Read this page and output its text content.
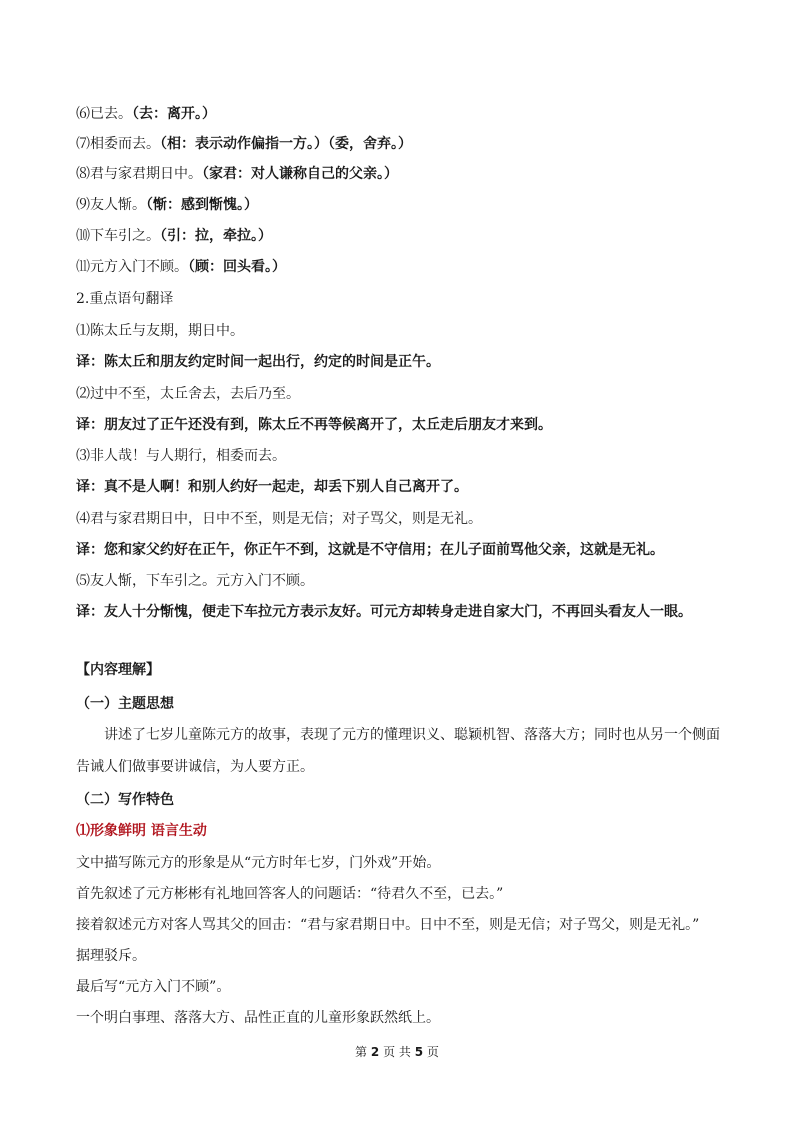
⑹已去。（去：离开。）

⑺相委而去。（相：表示动作偏指一方。）（委，舍弃。）

⑻君与家君期日中。（家君：对人谦称自己的父亲。）

⑼友人惭。（惭：感到惭愧。）

⑽下车引之。（引：拉，牵拉。）

⑾元方入门不顾。（顾：回头看。）

2.重点语句翻译

⑴陈太丘与友期，期日中。

译：陈太丘和朋友约定时间一起出行，约定的时间是正午。

⑵过中不至，太丘舍去，去后乃至。

译：朋友过了正午还没有到，陈太丘不再等候离开了，太丘走后朋友才来到。

⑶非人哉！与人期行，相委而去。

译：真不是人啊！和别人约好一起走，却丢下别人自己离开了。

⑷君与家君期日中，日中不至，则是无信；对子骂父，则是无礼。

译：您和家父约好在正午，你正午不到，这就是不守信用；在儿子面前骂他父亲，这就是无礼。

⑸友人惭，下车引之。元方入门不顾。

译：友人十分惭愧，便走下车拉元方表示友好。可元方却转身走进自家大门，不再回头看友人一眼。

【内容理解】

（一）主题思想

讲述了七岁儿童陈元方的故事，表现了元方的懂理识义、聪颖机智、落落大方；同时也从另一个侧面告诫人们做事要讲诚信，为人要方正。

（二）写作特色

⑴形象鲜明 语言生动

文中描写陈元方的形象是从“元方时年七岁，门外戏”开始。

首先叙述了元方彬彬有礼地回答客人的问题话：“待君久不至，已去。”

接着叙述元方对客人骂其父的回击：“君与家君期日中。日中不至，则是无信；对子骂父，则是无礼。”

据理驳斥。

最后写“元方入门不顾”。

一个明白事理、落落大方、品性正直的儿童形象跃然纸上。

第 2 页 共 5 页
